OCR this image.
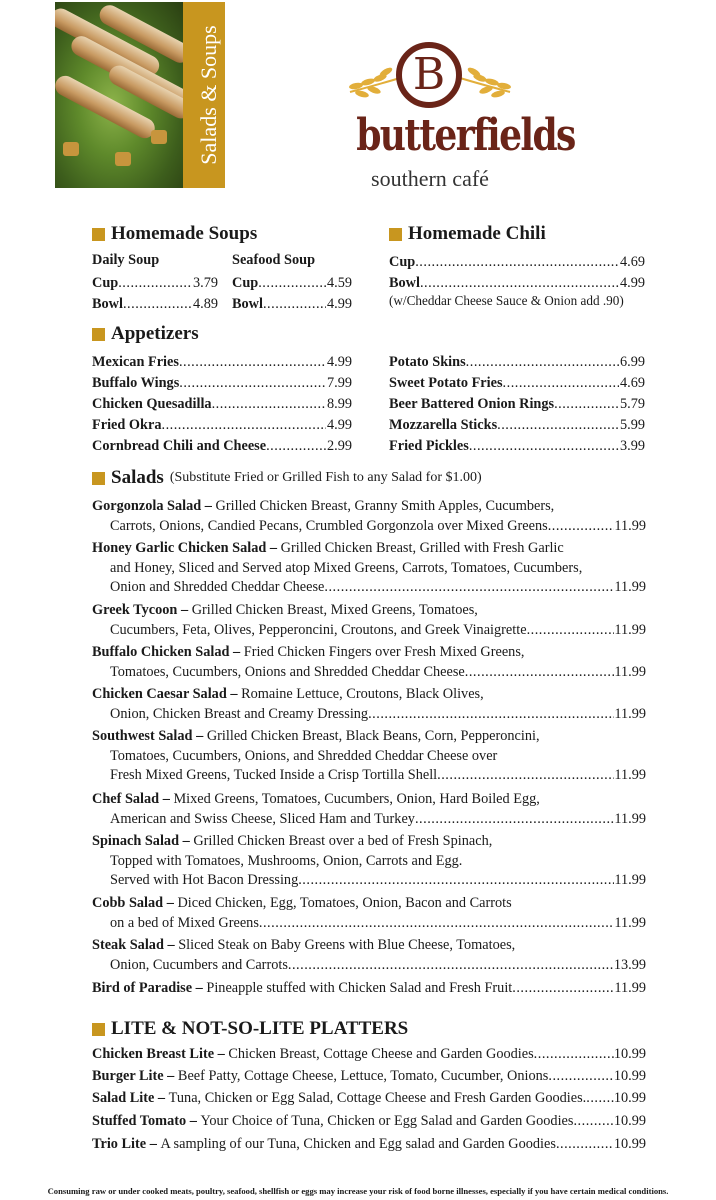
Salads & Soups	B
butterfields
southern café
Homemade Soups
Daily Soup	Seafood Soup
Cup .....	3.79
Bowl .....	4.89
Cup .....	4.59
Bowl .....	4.99
Homemade Chili
Cup .....	4.69
Bowl .....	4.99
(w/Cheddar Cheese Sauce & Onion add .90)
Appetizers
Mexican Fries .....	4.99
Buffalo Wings .....	7.99
Chicken Quesadilla .....	8.99
Fried Okra .....	4.99
Cornbread Chili and Cheese .....	2.99
Potato Skins .....	6.99
Sweet Potato Fries .....	4.69
Beer Battered Onion Rings .....	5.79
Mozzarella Sticks .....	5.99
Fried Pickles .....	3.99
Salads (Substitute Fried or Grilled Fish to any Salad for $1.00)
Gorgonzola Salad – Grilled Chicken Breast, Granny Smith Apples, Cucumbers,
Carrots, Onions, Candied Pecans, Crumbled Gorgonzola over Mixed Greens .....	11.99
Honey Garlic Chicken Salad – Grilled Chicken Breast, Grilled with Fresh Garlic
and Honey, Sliced and Served atop Mixed Greens, Carrots, Tomatoes, Cucumbers,
Onion and Shredded Cheddar Cheese .....	11.99
Greek Tycoon – Grilled Chicken Breast, Mixed Greens, Tomatoes,
Cucumbers, Feta, Olives, Pepperoncini, Croutons, and Greek Vinaigrette .....	11.99
Buffalo Chicken Salad – Fried Chicken Fingers over Fresh Mixed Greens,
Tomatoes, Cucumbers, Onions and Shredded Cheddar Cheese .....	11.99
Chicken Caesar Salad – Romaine Lettuce, Croutons, Black Olives,
Onion, Chicken Breast and Creamy Dressing .....	11.99
Southwest Salad – Grilled Chicken Breast, Black Beans, Corn, Pepperoncini,
Tomatoes, Cucumbers, Onions, and Shredded Cheddar Cheese over
Fresh Mixed Greens, Tucked Inside a Crisp Tortilla Shell .....	11.99
Chef Salad – Mixed Greens, Tomatoes, Cucumbers, Onion, Hard Boiled Egg,
American and Swiss Cheese, Sliced Ham and Turkey .....	11.99
Spinach Salad – Grilled Chicken Breast over a bed of Fresh Spinach,
Topped with Tomatoes, Mushrooms, Onion, Carrots and Egg.
Served with Hot Bacon Dressing .....	11.99
Cobb Salad – Diced Chicken, Egg, Tomatoes, Onion, Bacon and Carrots
on a bed of Mixed Greens .....	11.99
Steak Salad – Sliced Steak on Baby Greens with Blue Cheese, Tomatoes,
Onion, Cucumbers and Carrots .....	13.99
Bird of Paradise –
Pineapple stuffed with Chicken Salad and Fresh Fruit .....	11.99
LITE & NOT-SO-LITE PLATTERS
Chicken Breast Lite –
Chicken Breast, Cottage Cheese and Garden Goodies .....	10.99
Burger Lite –
Beef Patty, Cottage Cheese, Lettuce, Tomato, Cucumber, Onions .....	10.99
Salad Lite –
Tuna, Chicken or Egg Salad, Cottage Cheese and Fresh Garden Goodies. ..... 10.99
Stuffed Tomato –
Your Choice of Tuna, Chicken or Egg Salad and Garden Goodies .....	10.99
Trio Lite –
A sampling of our Tuna, Chicken and Egg salad and Garden Goodies .....	10.99
Consuming raw or under cooked meats, poultry, seafood, shellfish or eggs may increase your risk of food borne illnesses, especially if you have certain medical conditions.
